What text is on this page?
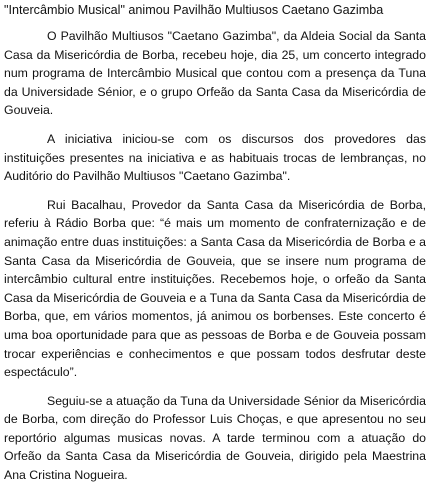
"Intercâmbio Musical" animou Pavilhão Multiusos Caetano Gazimba

O Pavilhão Multiusos "Caetano Gazimba", da Aldeia Social da Santa Casa da Misericórdia de Borba, recebeu hoje, dia 25, um concerto integrado num programa de Intercâmbio Musical que contou com a presença da Tuna da Universidade Sénior, e o grupo Orfeão da Santa Casa da Misericórdia de Gouveia.

A iniciativa iniciou-se com os discursos dos provedores das instituições presentes na iniciativa e as habituais trocas de lembranças, no Auditório do Pavilhão Multiusos "Caetano Gazimba".

Rui Bacalhau, Provedor da Santa Casa da Misericórdia de Borba, referiu à Rádio Borba que: “é mais um momento de confraternização e de animação entre duas instituições: a Santa Casa da Misericórdia de Borba e a Santa Casa da Misericórdia de Gouveia, que se insere num programa de intercâmbio cultural entre instituições. Recebemos hoje, o orfeão da Santa Casa da Misericórdia de Gouveia e a Tuna da Santa Casa da Misericórdia de Borba, que, em vários momentos, já animou os borbenses. Este concerto é uma boa oportunidade para que as pessoas de Borba e de Gouveia possam trocar experiências e conhecimentos e que possam todos desfrutar deste espectáculo”.

Seguiu-se a atuação da Tuna da Universidade Sénior da Misericórdia de Borba, com direção do Professor Luis Choças, e que apresentou no seu reportório algumas musicas novas. A tarde terminou com a atuação do Orfeão da Santa Casa da Misericórdia de Gouveia, dirigido pela Maestrina Ana Cristina Nogueira.
